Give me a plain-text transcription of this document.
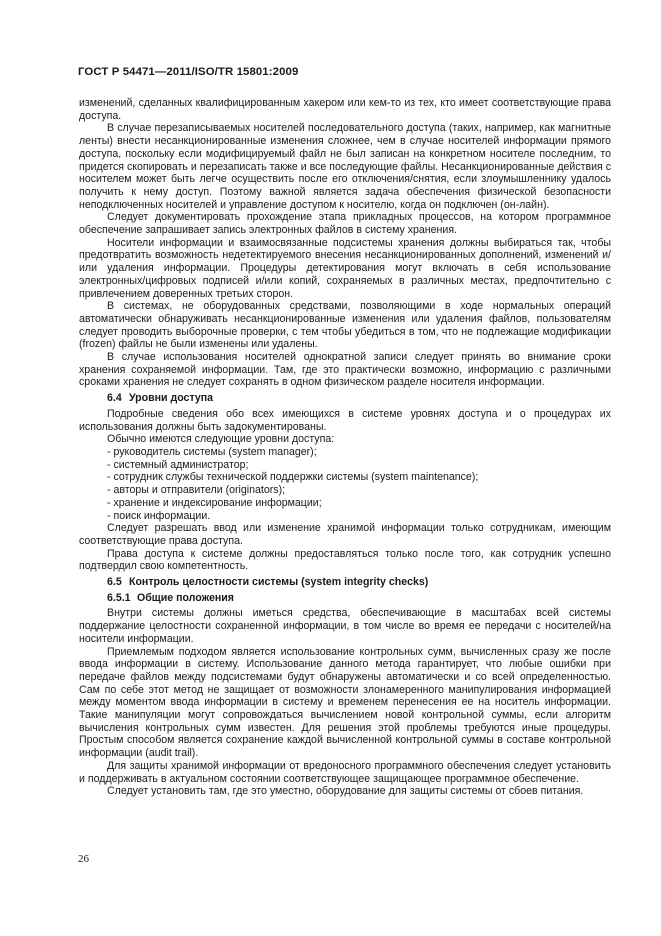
ГОСТ Р 54471—2011/ISO/TR 15801:2009

изменений, сделанных квалифицированным хакером или кем-то из тех, кто имеет соответствующие права доступа.

В случае перезаписываемых носителей последовательного доступа (таких, например, как магнитные ленты) внести несанкционированные изменения сложнее, чем в случае носителей информации прямого доступа, поскольку если модифицируемый файл не был записан на конкретном носителе последним, то придется скопировать и перезаписать также и все последующие файлы. Несанкционированные действия с носителем может быть легче осуществить после его отключения/снятия, если злоумышленнику удалось получить к нему доступ. Поэтому важной является задача обеспечения физической безопасности неподключенных носителей и управление доступом к носителю, когда он подключен (он-лайн).

Следует документировать прохождение этапа прикладных процессов, на котором программное обеспечение запрашивает запись электронных файлов в систему хранения.

Носители информации и взаимосвязанные подсистемы хранения должны выбираться так, чтобы предотвратить возможность недетектируемого внесения несанкционированных дополнений, изменений и/или удаления информации. Процедуры детектирования могут включать в себя использование электронных/цифровых подписей и/или копий, сохраняемых в различных местах, предпочтительно с привлечением доверенных третьих сторон.

В системах, не оборудованных средствами, позволяющими в ходе нормальных операций автоматически обнаруживать несанкционированные изменения или удаления файлов, пользователям следует проводить выборочные проверки, с тем чтобы убедиться в том, что не подлежащие модификации (frozen) файлы не были изменены или удалены.

В случае использования носителей однократной записи следует принять во внимание сроки хранения сохраняемой информации. Там, где это практически возможно, информацию с различными сроками хранения не следует сохранять в одном физическом разделе носителя информации.

6.4 Уровни доступа

Подробные сведения обо всех имеющихся в системе уровнях доступа и о процедурах их использования должны быть задокументированы.

Обычно имеются следующие уровни доступа:

- руководитель системы (system manager);

- системный администратор;

- сотрудник службы технической поддержки системы (system maintenance);

- авторы и отправители (originators);

- хранение и индексирование информации;

- поиск информации.

Следует разрешать ввод или изменение хранимой информации только сотрудникам, имеющим соответствующие права доступа.

Права доступа к системе должны предоставляться только после того, как сотрудник успешно подтвердил свою компетентность.

6.5 Контроль целостности системы (system integrity checks)
6.5.1 Общие положения

Внутри системы должны иметься средства, обеспечивающие в масштабах всей системы поддержание целостности сохраненной информации, в том числе во время ее передачи с носителей/на носители информации.

Приемлемым подходом является использование контрольных сумм, вычисленных сразу же после ввода информации в систему. Использование данного метода гарантирует, что любые ошибки при передаче файлов между подсистемами будут обнаружены автоматически и со всей определенностью. Сам по себе этот метод не защищает от возможности злонамеренного манипулирования информацией между моментом ввода информации в систему и временем перенесения ее на носитель информации. Такие манипуляции могут сопровождаться вычислением новой контрольной суммы, если алгоритм вычисления контрольных сумм известен. Для решения этой проблемы требуются иные процедуры. Простым способом является сохранение каждой вычисленной контрольной суммы в составе контрольной информации (audit trail).

Для защиты хранимой информации от вредоносного программного обеспечения следует установить и поддерживать в актуальном состоянии соответствующее защищающее программное обеспечение.

Следует установить там, где это уместно, оборудование для защиты системы от сбоев питания.

26
